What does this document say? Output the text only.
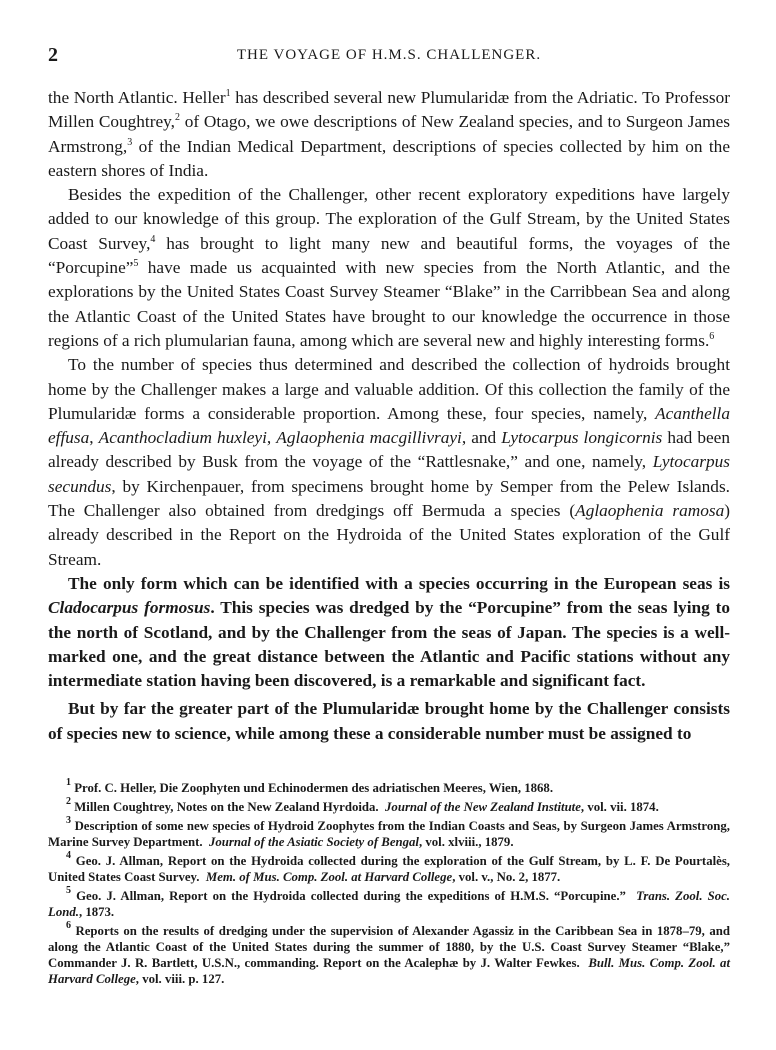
2	THE VOYAGE OF H.M.S. CHALLENGER.

the North Atlantic. Heller$^1$ has described several new Plumularidæ from the Adriatic. To Professor Millen Coughtrey,$^2$ of Otago, we owe descriptions of New Zealand species, and to Surgeon James Armstrong,$^3$ of the Indian Medical Department, descriptions of species collected by him on the eastern shores of India.

Besides the expedition of the Challenger, other recent exploratory expeditions have largely added to our knowledge of this group. The exploration of the Gulf Stream, by the United States Coast Survey,$^4$ has brought to light many new and beautiful forms, the voyages of the “Porcupine”$^5$ have made us acquainted with new species from the North Atlantic, and the explorations by the United States Coast Survey Steamer “Blake” in the Carribbean Sea and along the Atlantic Coast of the United States have brought to our knowledge the occurrence in those regions of a rich plumularian fauna, among which are several new and highly interesting forms.$^6$

To the number of species thus determined and described the collection of hydroids brought home by the Challenger makes a large and valuable addition. Of this collection the family of the Plumularidæ forms a considerable proportion. Among these, four species, namely, Acanthella effusa, Acanthocladium huxleyi, Aglaophenia macgillivrayi, and Lytocarpus longicornis had been already described by Busk from the voyage of the “Rattlesnake,” and one, namely, Lytocarpus secundus, by Kirchenpauer, from specimens brought home by Semper from the Pelew Islands. The Challenger also obtained from dredgings off Bermuda a species (Aglaophenia ramosa) already described in the Report on the Hydroida of the United States exploration of the Gulf Stream.

The only form which can be identified with a species occurring in the European seas is Cladocarpus formosus. This species was dredged by the “Porcupine” from the seas lying to the north of Scotland, and by the Challenger from the seas of Japan. The species is a well-marked one, and the great distance between the Atlantic and Pacific stations without any intermediate station having been discovered, is a remarkable and significant fact.

But by far the greater part of the Plumularidæ brought home by the Challenger consists of species new to science, while among these a considerable number must be assigned to

$^1$ Prof. C. Heller, Die Zoophyten und Echinodermen des adriatischen Meeres, Wien, 1868.

$^2$ Millen Coughtrey, Notes on the New Zealand Hyrdoida. Journal of the New Zealand Institute, vol. vii. 1874.

$^3$ Description of some new species of Hydroid Zoophytes from the Indian Coasts and Seas, by Surgeon James Armstrong, Marine Survey Department. Journal of the Asiatic Society of Bengal, vol. xlviii., 1879.

$^4$ Geo. J. Allman, Report on the Hydroida collected during the exploration of the Gulf Stream, by L. F. De Pourtalès, United States Coast Survey. Mem. of Mus. Comp. Zool. at Harvard College, vol. v., No. 2, 1877.

$^5$ Geo. J. Allman, Report on the Hydroida collected during the expeditions of H.M.S. “Porcupine.” Trans. Zool. Soc. Lond., 1873.

$^6$ Reports on the results of dredging under the supervision of Alexander Agassiz in the Caribbean Sea in 1878–79, and along the Atlantic Coast of the United States during the summer of 1880, by the U.S. Coast Survey Steamer “Blake,” Commander J. R. Bartlett, U.S.N., commanding. Report on the Acalephæ by J. Walter Fewkes. Bull. Mus. Comp. Zool. at Harvard College, vol. viii. p. 127.
